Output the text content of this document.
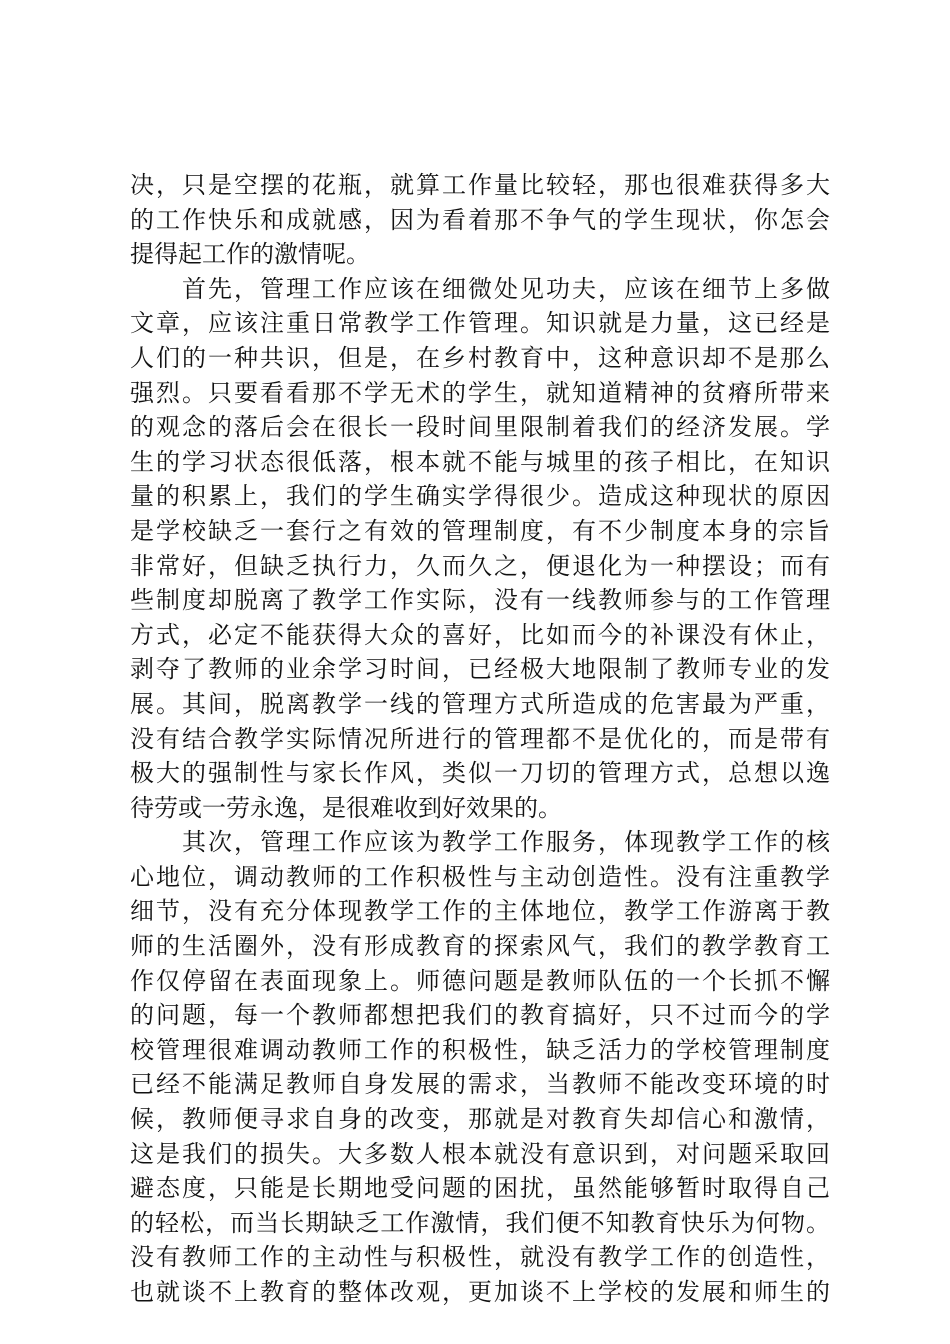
决，只是空摆的花瓶，就算工作量比较轻，那也很难获得多大
的工作快乐和成就感，因为看着那不争气的学生现状，你怎会
提得起工作的激情呢。
　　首先，管理工作应该在细微处见功夫，应该在细节上多做
文章，应该注重日常教学工作管理。知识就是力量，这已经是
人们的一种共识，但是，在乡村教育中，这种意识却不是那么
强烈。只要看看那不学无术的学生，就知道精神的贫瘠所带来
的观念的落后会在很长一段时间里限制着我们的经济发展。学
生的学习状态很低落，根本就不能与城里的孩子相比，在知识
量的积累上，我们的学生确实学得很少。造成这种现状的原因
是学校缺乏一套行之有效的管理制度，有不少制度本身的宗旨
非常好，但缺乏执行力，久而久之，便退化为一种摆设；而有
些制度却脱离了教学工作实际，没有一线教师参与的工作管理
方式，必定不能获得大众的喜好，比如而今的补课没有休止，
剥夺了教师的业余学习时间，已经极大地限制了教师专业的发
展。其间，脱离教学一线的管理方式所造成的危害最为严重，
没有结合教学实际情况所进行的管理都不是优化的，而是带有
极大的强制性与家长作风，类似一刀切的管理方式，总想以逸
待劳或一劳永逸，是很难收到好效果的。
　　其次，管理工作应该为教学工作服务，体现教学工作的核
心地位，调动教师的工作积极性与主动创造性。没有注重教学
细节，没有充分体现教学工作的主体地位，教学工作游离于教
师的生活圈外，没有形成教育的探索风气，我们的教学教育工
作仅停留在表面现象上。师德问题是教师队伍的一个长抓不懈
的问题，每一个教师都想把我们的教育搞好，只不过而今的学
校管理很难调动教师工作的积极性，缺乏活力的学校管理制度
已经不能满足教师自身发展的需求，当教师不能改变环境的时
候，教师便寻求自身的改变，那就是对教育失却信心和激情，
这是我们的损失。大多数人根本就没有意识到，对问题采取回
避态度，只能是长期地受问题的困扰，虽然能够暂时取得自己
的轻松，而当长期缺乏工作激情，我们便不知教育快乐为何物。
没有教师工作的主动性与积极性，就没有教学工作的创造性，
也就谈不上教育的整体改观，更加谈不上学校的发展和师生的
